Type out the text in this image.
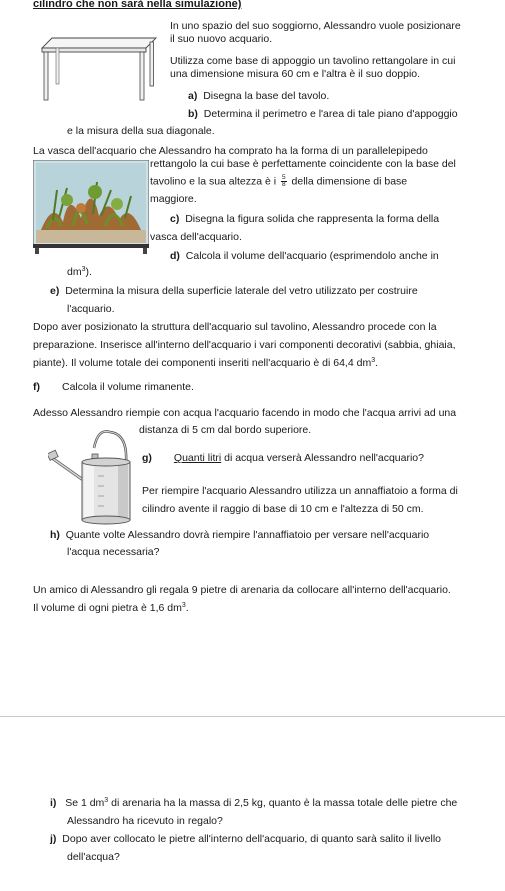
cilindro che non sarà nella simulazione)
In uno spazio del suo soggiorno, Alessandro vuole posizionare
il suo nuovo acquario.
Utilizza come base di appoggio un tavolino rettangolare in cui
una dimensione misura 60 cm e l'altra è il suo doppio.
a) Disegna la base del tavolo.
b) Determina il perimetro e l'area di tale piano d'appoggio
e la misura della sua diagonale.
La vasca dell'acquario che Alessandro ha comprato ha la forma di un parallelepipedo
rettangolo la cui base è perfettamente coincidente con la base del
tavolino e la sua altezza è i $\frac{5}{8}$ della dimensione di base
maggiore.
c) Disegna la figura solida che rappresenta la forma della
vasca dell'acquario.
d) Calcola il volume dell'acquario (esprimendolo anche in
$dm^3$).
e) Determina la misura della superficie laterale del vetro utilizzato per costruire
l'acquario.
Dopo aver posizionato la struttura dell'acquario sul tavolino, Alessandro procede con la
preparazione. Inserisce all'interno dell'acquario i vari componenti decorativi (sabbia, ghiaia,
piante). Il volume totale dei componenti inseriti nell'acquario è di 64,4 $dm^3$.
f) Calcola il volume rimanente.
Adesso Alessandro riempie con acqua l'acquario facendo in modo che l'acqua arrivi ad una
distanza di 5 cm dal bordo superiore.
g) Quanti litri di acqua verserà Alessandro nell'acquario?
Per riempire l'acquario Alessandro utilizza un annaffiatoio a forma di
cilindro avente il raggio di base di 10 cm e l'altezza di 50 cm.
h) Quante volte Alessandro dovrà riempire l'annaffiatoio per versare nell'acquario
l'acqua necessaria?
Un amico di Alessandro gli regala 9 pietre di arenaria da collocare all'interno dell'acquario.
Il volume di ogni pietra è 1,6 $dm^3$.
i) Se 1 $dm^3$ di arenaria ha la massa di 2,5 kg, quanto è la massa totale delle pietre che
Alessandro ha ricevuto in regalo?
j) Dopo aver collocato le pietre all'interno dell'acquario, di quanto sarà salito il livello
dell'acqua?
